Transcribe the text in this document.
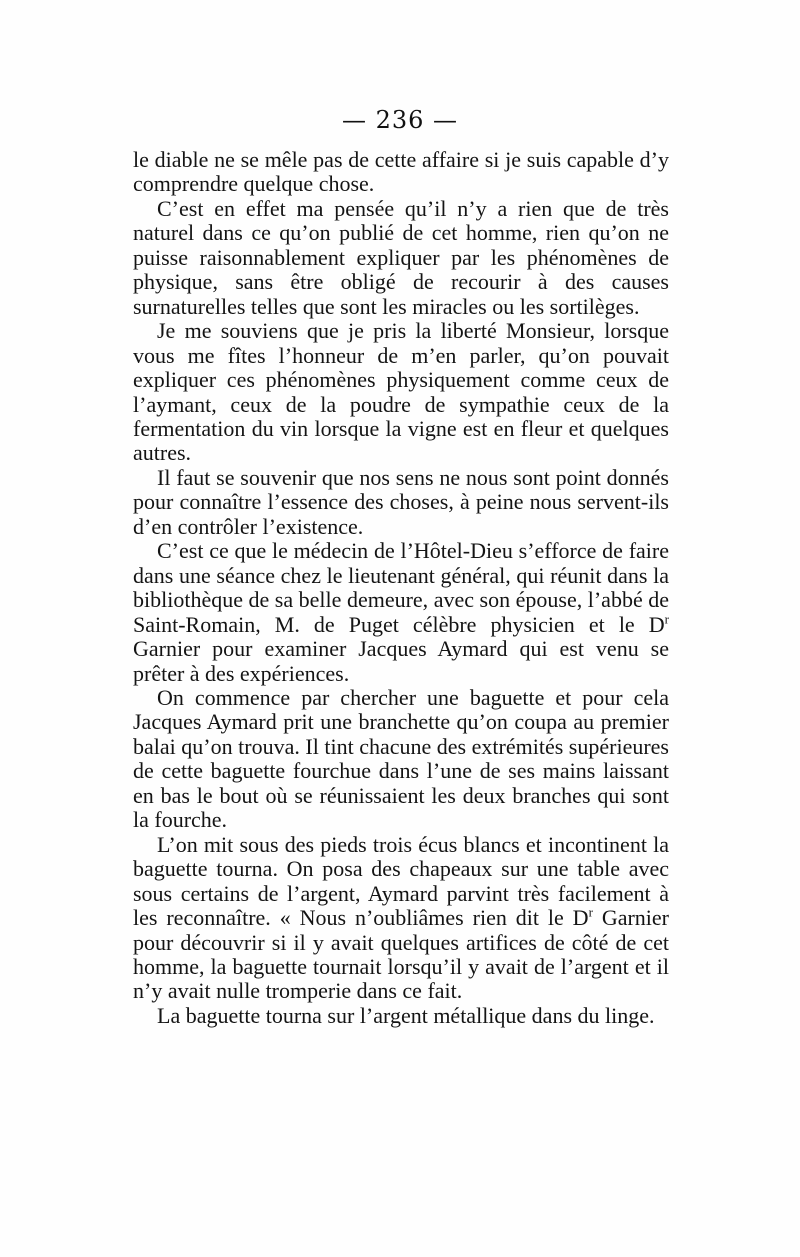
— 236 —

le diable ne se mêle pas de cette affaire si je suis capable d’y comprendre quelque chose.

C’est en effet ma pensée qu’il n’y a rien que de très naturel dans ce qu’on publié de cet homme, rien qu’on ne puisse raisonnablement expliquer par les phénomènes de physique, sans être obligé de recourir à des causes surnaturelles telles que sont les miracles ou les sortilèges.

Je me souviens que je pris la liberté Monsieur, lorsque vous me fîtes l’honneur de m’en parler, qu’on pouvait expliquer ces phénomènes physiquement comme ceux de l’aymant, ceux de la poudre de sympathie ceux de la fermentation du vin lorsque la vigne est en fleur et quelques autres.

Il faut se souvenir que nos sens ne nous sont point donnés pour connaître l’essence des choses, à peine nous servent-ils d’en contrôler l’existence.

C’est ce que le médecin de l’Hôtel-Dieu s’efforce de faire dans une séance chez le lieutenant général, qui réunit dans la bibliothèque de sa belle demeure, avec son épouse, l’abbé de Saint-Romain, M. de Puget célèbre physicien et le $D^r$ Garnier pour examiner Jacques Aymard qui est venu se prêter à des expériences.

On commence par chercher une baguette et pour cela Jacques Aymard prit une branchette qu’on coupa au premier balai qu’on trouva. Il tint chacune des extrémités supérieures de cette baguette fourchue dans l’une de ses mains laissant en bas le bout où se réunissaient les deux branches qui sont la fourche.

L’on mit sous des pieds trois écus blancs et incontinent la baguette tourna. On posa des chapeaux sur une table avec sous certains de l’argent, Aymard parvint très facilement à les reconnaître. « Nous n’oubliâmes rien dit le $D^r$ Garnier pour découvrir si il y avait quelques artifices de côté de cet homme, la baguette tournait lorsqu’il y avait de l’argent et il n’y avait nulle tromperie dans ce fait.

La baguette tourna sur l’argent métallique dans du linge.
